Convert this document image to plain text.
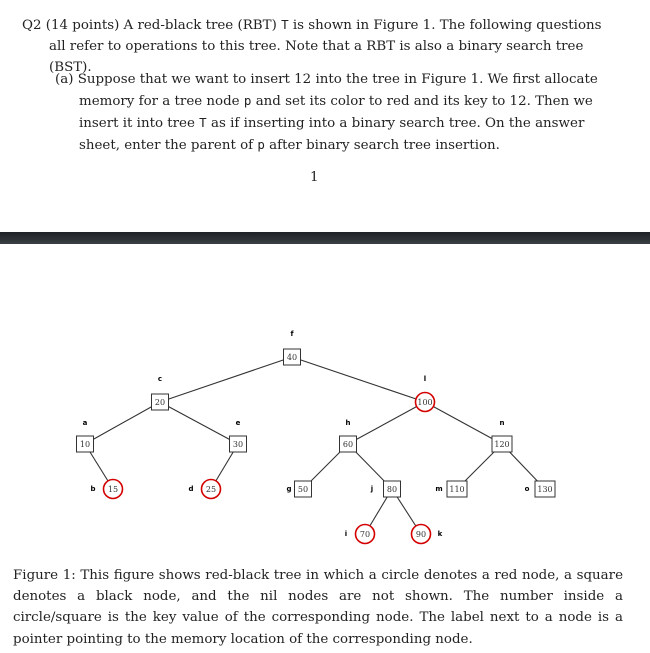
Q2 (14 points) A red-black tree (RBT) T is shown in Figure 1. The following questions all refer to operations to this tree. Note that a RBT is also a binary search tree (BST).
(a) Suppose that we want to insert 12 into the tree in Figure 1. We first allocate memory for a tree node p and set its color to red and its key to 12. Then we insert it into tree T as if inserting into a binary search tree. On the answer sheet, enter the parent of p after binary search tree insertion.
1
40
f
20
c
100
l
10
a
30
e
60
h
120
n
15
b	25
d	50
g	80
j	110
m	130
o
70
i	90 k
Figure 1: This figure shows red-black tree in which a circle denotes a red node, a square denotes a black node, and the nil nodes are not shown. The number inside a circle/square is the key value of the corresponding node. The label next to a node is a pointer pointing to the memory location of the corresponding node.
